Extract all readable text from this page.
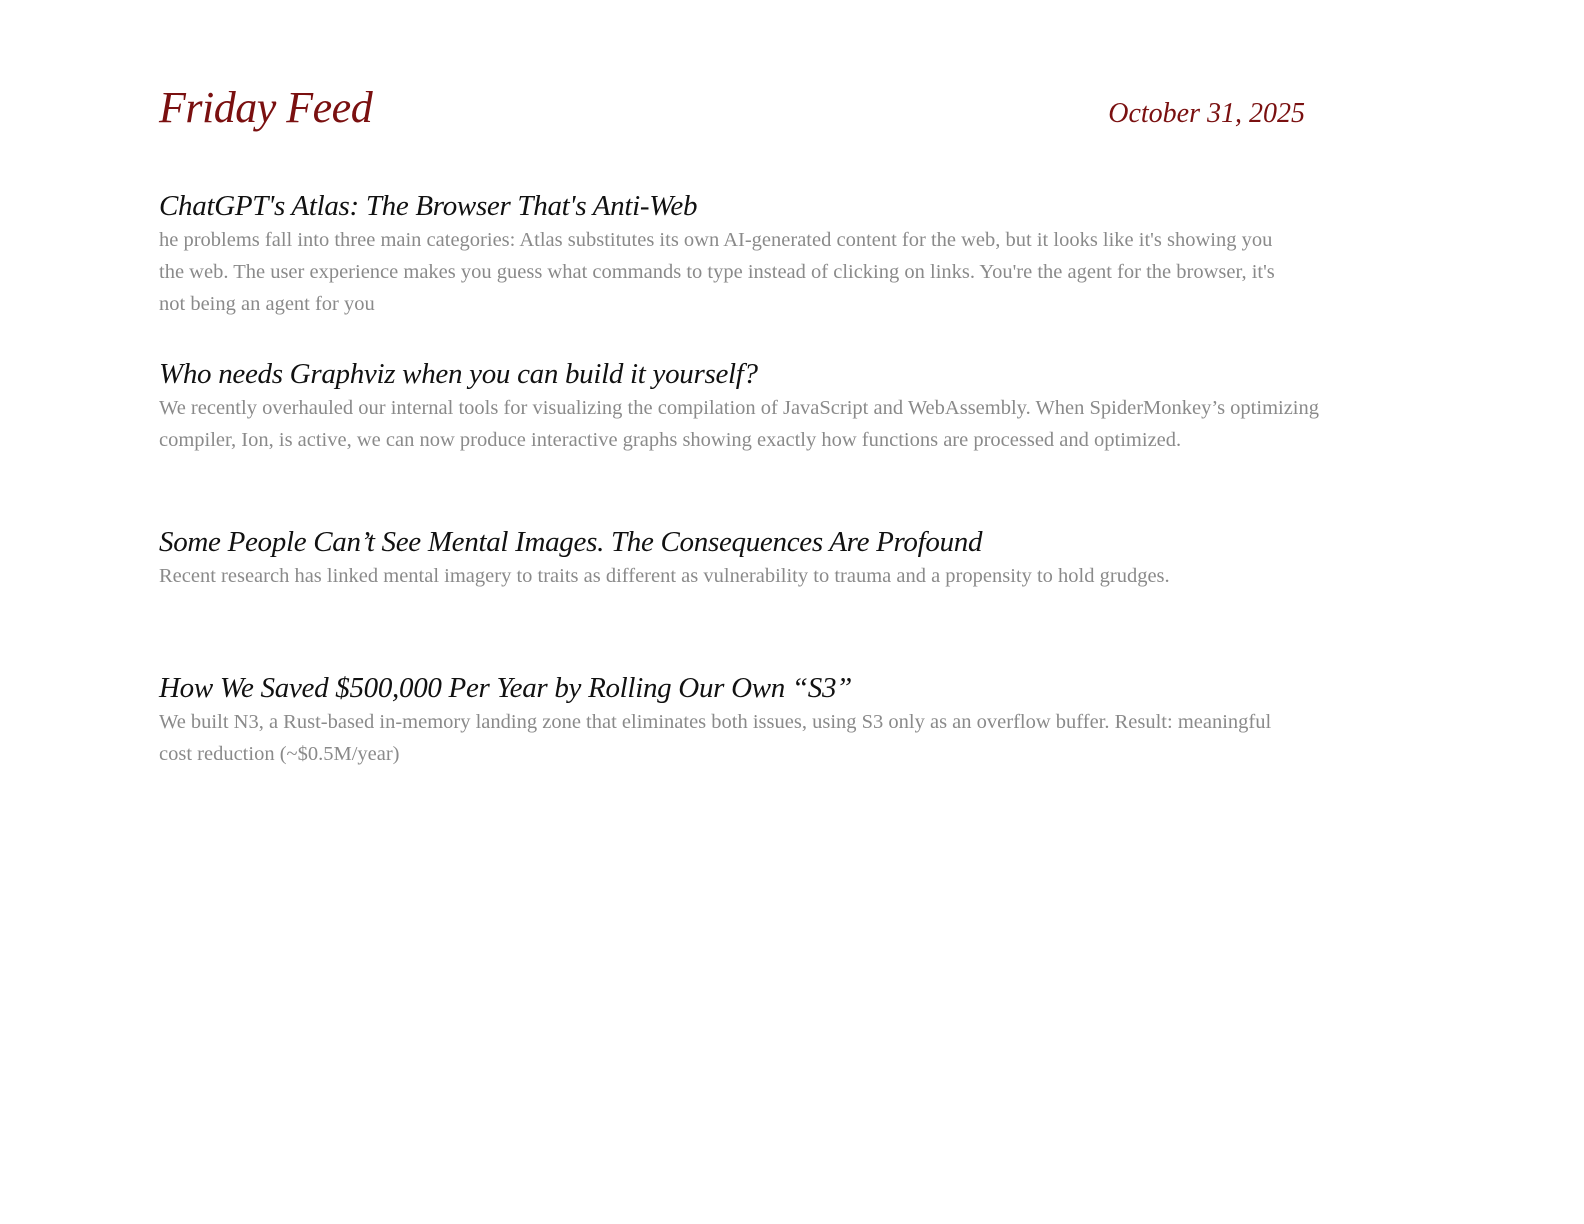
Friday Feed	October 31, 2025
ChatGPT's Atlas: The Browser That's Anti-Web

he problems fall into three main categories: Atlas substitutes its own AI-generated content for the web, but it looks like it's showing you the web. The user experience makes you guess what commands to type instead of clicking on links. You're the agent for the browser, it's not being an agent for you

Who needs Graphviz when you can build it yourself?

We recently overhauled our internal tools for visualizing the compilation of JavaScript and WebAssembly. When SpiderMonkey’s optimizing compiler, Ion, is active, we can now produce interactive graphs showing exactly how functions are processed and optimized.

Some People Can’t See Mental Images. The Consequences Are Profound

Recent research has linked mental imagery to traits as different as vulnerability to trauma and a propensity to hold grudges.

How We Saved $500,000 Per Year by Rolling Our Own “S3”

We built N3, a Rust-based in-memory landing zone that eliminates both issues, using S3 only as an overflow buffer. Result: meaningful cost reduction (~$0.5M/year)
